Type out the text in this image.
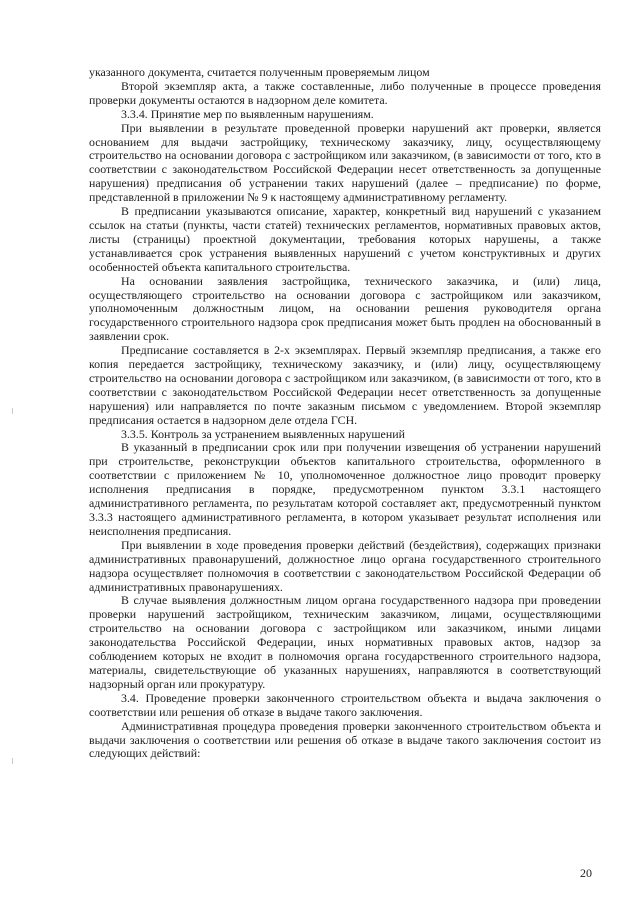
указанного документа, считается полученным проверяемым лицом

Второй экземпляр акта, а также составленные, либо полученные в процессе проведения проверки документы остаются в надзорном деле комитета.

3.3.4. Принятие мер по выявленным нарушениям.

При выявлении в результате проведенной проверки нарушений акт проверки, является основанием для выдачи застройщику, техническому заказчику, лицу, осуществляющему строительство на основании договора с застройщиком или заказчиком, (в зависимости от того, кто в соответствии с законодательством Российской Федерации несет ответственность за допущенные нарушения) предписания об устранении таких нарушений (далее – предписание) по форме, представленной в приложении № 9 к настоящему административному регламенту.

В предписании указываются описание, характер, конкретный вид нарушений с указанием ссылок на статьи (пункты, части статей) технических регламентов, нормативных правовых актов, листы (страницы) проектной документации, требования которых нарушены, а также устанавливается срок устранения выявленных нарушений с учетом конструктивных и других особенностей объекта капитального строительства.

На основании заявления застройщика, технического заказчика, и (или) лица, осуществляющего строительство на основании договора с застройщиком или заказчиком, уполномоченным должностным лицом, на основании решения руководителя органа государственного строительного надзора срок предписания может быть продлен на обоснованный в заявлении срок.

Предписание составляется в 2-х экземплярах. Первый экземпляр предписания, а также его копия передается застройщику, техническому заказчику, и (или) лицу, осуществляющему строительство на основании договора с застройщиком или заказчиком, (в зависимости от того, кто в соответствии с законодательством Российской Федерации несет ответственность за допущенные нарушения) или направляется по почте заказным письмом с уведомлением. Второй экземпляр предписания остается в надзорном деле отдела ГСН.

3.3.5. Контроль за устранением выявленных нарушений

В указанный в предписании срок или при получении извещения об устранении нарушений при строительстве, реконструкции объектов капитального строительства, оформленного в соответствии с приложением № 10, уполномоченное должностное лицо проводит проверку исполнения предписания в порядке, предусмотренном пунктом 3.3.1 настоящего административного регламента, по результатам которой составляет акт, предусмотренный пунктом 3.3.3 настоящего административного регламента, в котором указывает результат исполнения или неисполнения предписания.

При выявлении в ходе проведения проверки действий (бездействия), содержащих признаки административных правонарушений, должностное лицо органа государственного строительного надзора осуществляет полномочия в соответствии с законодательством Российской Федерации об административных правонарушениях.

В случае выявления должностным лицом органа государственного надзора при проведении проверки нарушений застройщиком, техническим заказчиком, лицами, осуществляющими строительство на основании договора с застройщиком или заказчиком, иными лицами законодательства Российской Федерации, иных нормативных правовых актов, надзор за соблюдением которых не входит в полномочия органа государственного строительного надзора, материалы, свидетельствующие об указанных нарушениях, направляются в соответствующий надзорный орган или прокуратуру.

3.4. Проведение проверки законченного строительством объекта и выдача заключения о соответствии или решения об отказе в выдаче такого заключения.

Административная процедура проведения проверки законченного строительством объекта и выдачи заключения о соответствии или решения об отказе в выдаче такого заключения состоит из следующих действий:

20
